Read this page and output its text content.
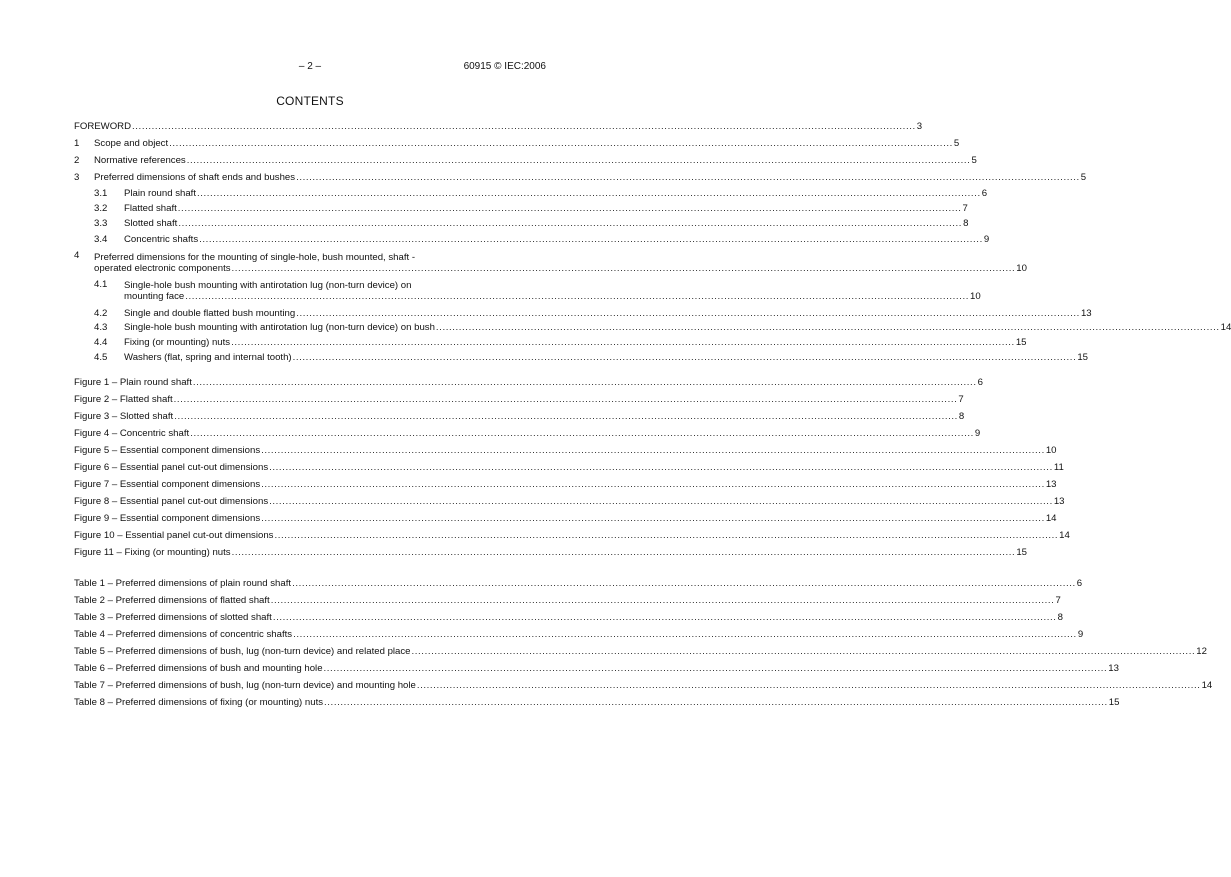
– 2 –	60915 © IEC:2006
CONTENTS
FOREWORD .....	3
1	Scope and object .....	5
2	Normative references .....	5
3	Preferred dimensions of shaft ends and bushes .....	5
3.1	Plain round shaft .....	6
3.2	Flatted shaft .....	7
3.3	Slotted shaft .....	8
3.4	Concentric shafts .....	9
4	Preferred dimensions for the mounting of single-hole, bush mounted, shaft -
operated electronic components .....	10
4.1	Single-hole bush mounting with antirotation lug (non-turn device) on
mounting face .....	10
4.2	Single and double flatted bush mounting .....	13
4.3	Single-hole bush mounting with antirotation lug (non-turn device) on bush .....	14
4.4	Fixing (or mounting) nuts .....	15
4.5	Washers (flat, spring and internal tooth) .....	15
Figure 1 – Plain round shaft .....	6
Figure 2 – Flatted shaft .....	7
Figure 3 – Slotted shaft .....	8
Figure 4 – Concentric shaft .....	9
Figure 5 – Essential component dimensions .....	10
Figure 6 – Essential panel cut-out dimensions .....	11
Figure 7 – Essential component dimensions .....	13
Figure 8 – Essential panel cut-out dimensions .....	13
Figure 9 – Essential component dimensions .....	14
Figure 10 – Essential panel cut-out dimensions .....	14
Figure 11 – Fixing (or mounting) nuts .....	15
Table 1 – Preferred dimensions of plain round shaft .....	6
Table 2 – Preferred dimensions of flatted shaft .....	7
Table 3 – Preferred dimensions of slotted shaft .....	8
Table 4 – Preferred dimensions of concentric shafts .....	9
Table 5 – Preferred dimensions of bush, lug (non-turn device) and related place .....	12
Table 6 – Preferred dimensions of bush and mounting hole .....	13
Table 7 – Preferred dimensions of bush, lug (non-turn device) and mounting hole .....	14
Table 8 – Preferred dimensions of fixing (or mounting) nuts .....	15
